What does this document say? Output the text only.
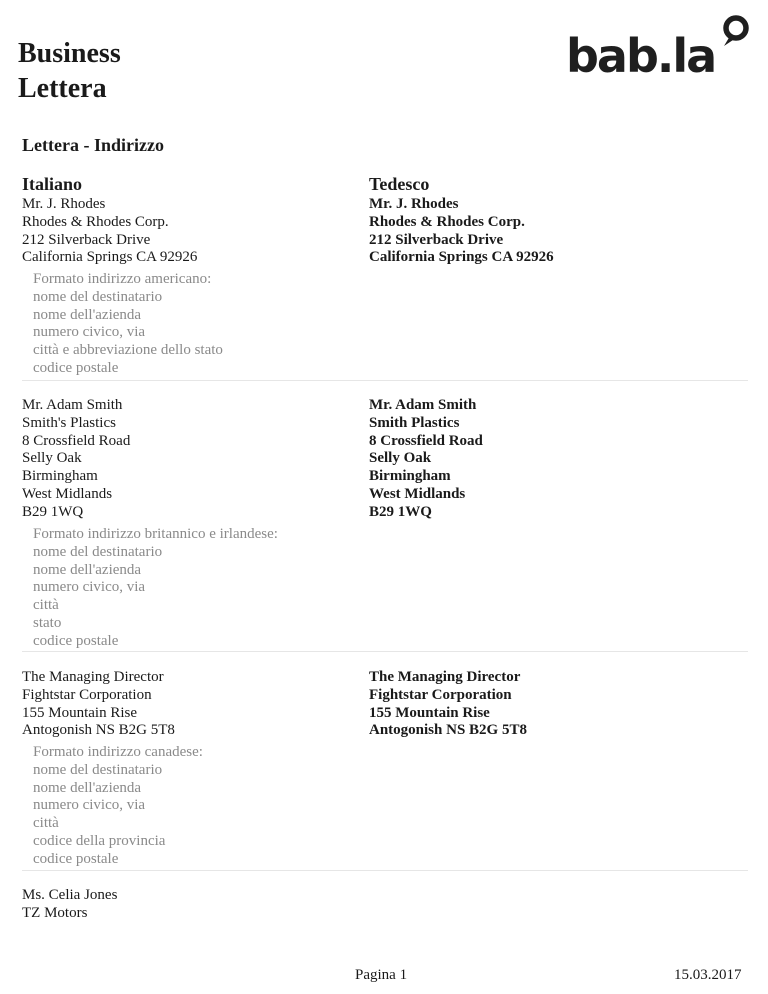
Business
Lettera
bab.la
Lettera - Indirizzo
Italiano	Tedesco
Mr. J. Rhodes
Rhodes & Rhodes Corp.
212 Silverback Drive
California Springs CA 92926
Mr. J. Rhodes
Rhodes & Rhodes Corp.
212 Silverback Drive
California Springs CA 92926
Formato indirizzo americano:
nome del destinatario
nome dell'azienda
numero civico, via
città e abbreviazione dello stato
codice postale
Mr. Adam Smith
Smith's Plastics
8 Crossfield Road
Selly Oak
Birmingham
West Midlands
B29 1WQ
Mr. Adam Smith
Smith Plastics
8 Crossfield Road
Selly Oak
Birmingham
West Midlands
B29 1WQ
Formato indirizzo britannico e irlandese:
nome del destinatario
nome dell'azienda
numero civico, via
città
stato
codice postale
The Managing Director
Fightstar Corporation
155 Mountain Rise
Antogonish NS B2G 5T8
The Managing Director
Fightstar Corporation
155 Mountain Rise
Antogonish NS B2G 5T8
Formato indirizzo canadese:
nome del destinatario
nome dell'azienda
numero civico, via
città
codice della provincia
codice postale
Ms. Celia Jones
TZ Motors
Pagina 1	15.03.2017
